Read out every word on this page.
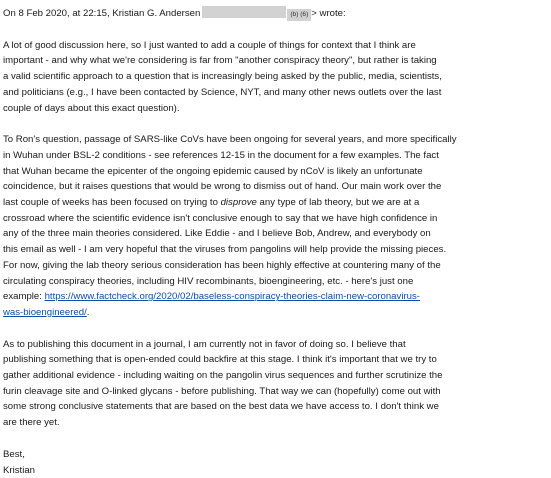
On 8 Feb 2020, at 22:15, Kristian G. Andersen	(b) (6) > wrote:
A lot of good discussion here, so I just wanted to add a couple of things for context that I think are
important - and why what we're considering is far from "another conspiracy theory", but rather is taking
a valid scientific approach to a question that is increasingly being asked by the public, media, scientists,
and politicians (e.g., I have been contacted by Science, NYT, and many other news outlets over the last
couple of days about this exact question).
To Ron's question, passage of SARS-like CoVs have been ongoing for several years, and more specifically
in Wuhan under BSL-2 conditions - see references 12-15 in the document for a few examples. The fact
that Wuhan became the epicenter of the ongoing epidemic caused by nCoV is likely an unfortunate
coincidence, but it raises questions that would be wrong to dismiss out of hand. Our main work over the
last couple of weeks has been focused on trying to disprove any type of lab theory, but we are at a
crossroad where the scientific evidence isn't conclusive enough to say that we have high confidence in
any of the three main theories considered. Like Eddie - and I believe Bob, Andrew, and everybody on
this email as well - I am very hopeful that the viruses from pangolins will help provide the missing pieces.
For now, giving the lab theory serious consideration has been highly effective at countering many of the
circulating conspiracy theories, including HIV recombinants, bioengineering, etc. - here's just one
example: https://www.factcheck.org/2020/02/baseless-conspiracy-theories-claim-new-coronavirus-
was-bioengineered/.
As to publishing this document in a journal, I am currently not in favor of doing so. I believe that
publishing something that is open-ended could backfire at this stage. I think it's important that we try to
gather additional evidence - including waiting on the pangolin virus sequences and further scrutinize the
furin cleavage site and O-linked glycans - before publishing. That way we can (hopefully) come out with
some strong conclusive statements that are based on the best data we have access to. I don't think we
are there yet.
Best,
Kristian
